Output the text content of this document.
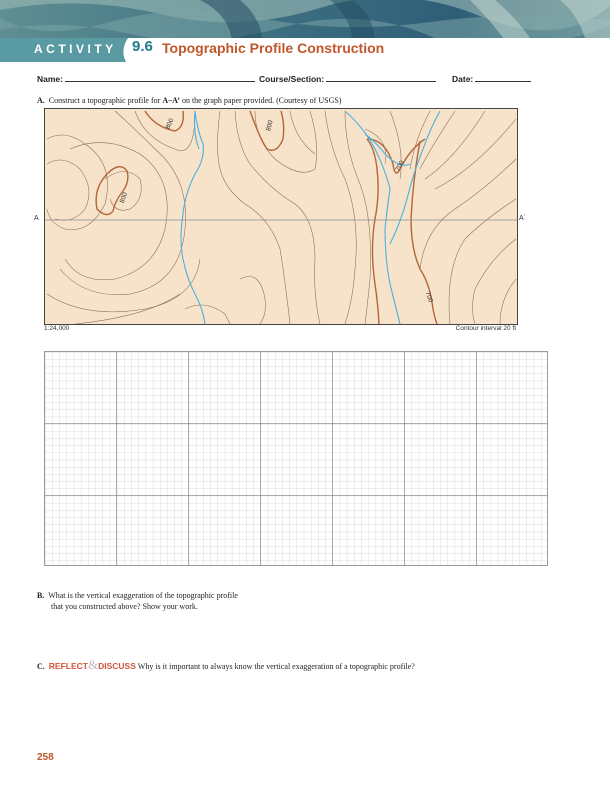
ACTIVITY 9.6 Topographic Profile Construction
Name:	Course/Section:	Date:
A. Construct a topographic profile for A–A’ on the graph paper provided. (Courtesy of USGS)
800	800
800
700
700
A	A´
1:24,000	Contour interval 20 ft
B. What is the vertical exaggeration of the topographic profile
that you constructed above? Show your work.
C. REFLECT&DISCUSS Why is it important to always know the vertical exaggeration of a topographic profile?
258
